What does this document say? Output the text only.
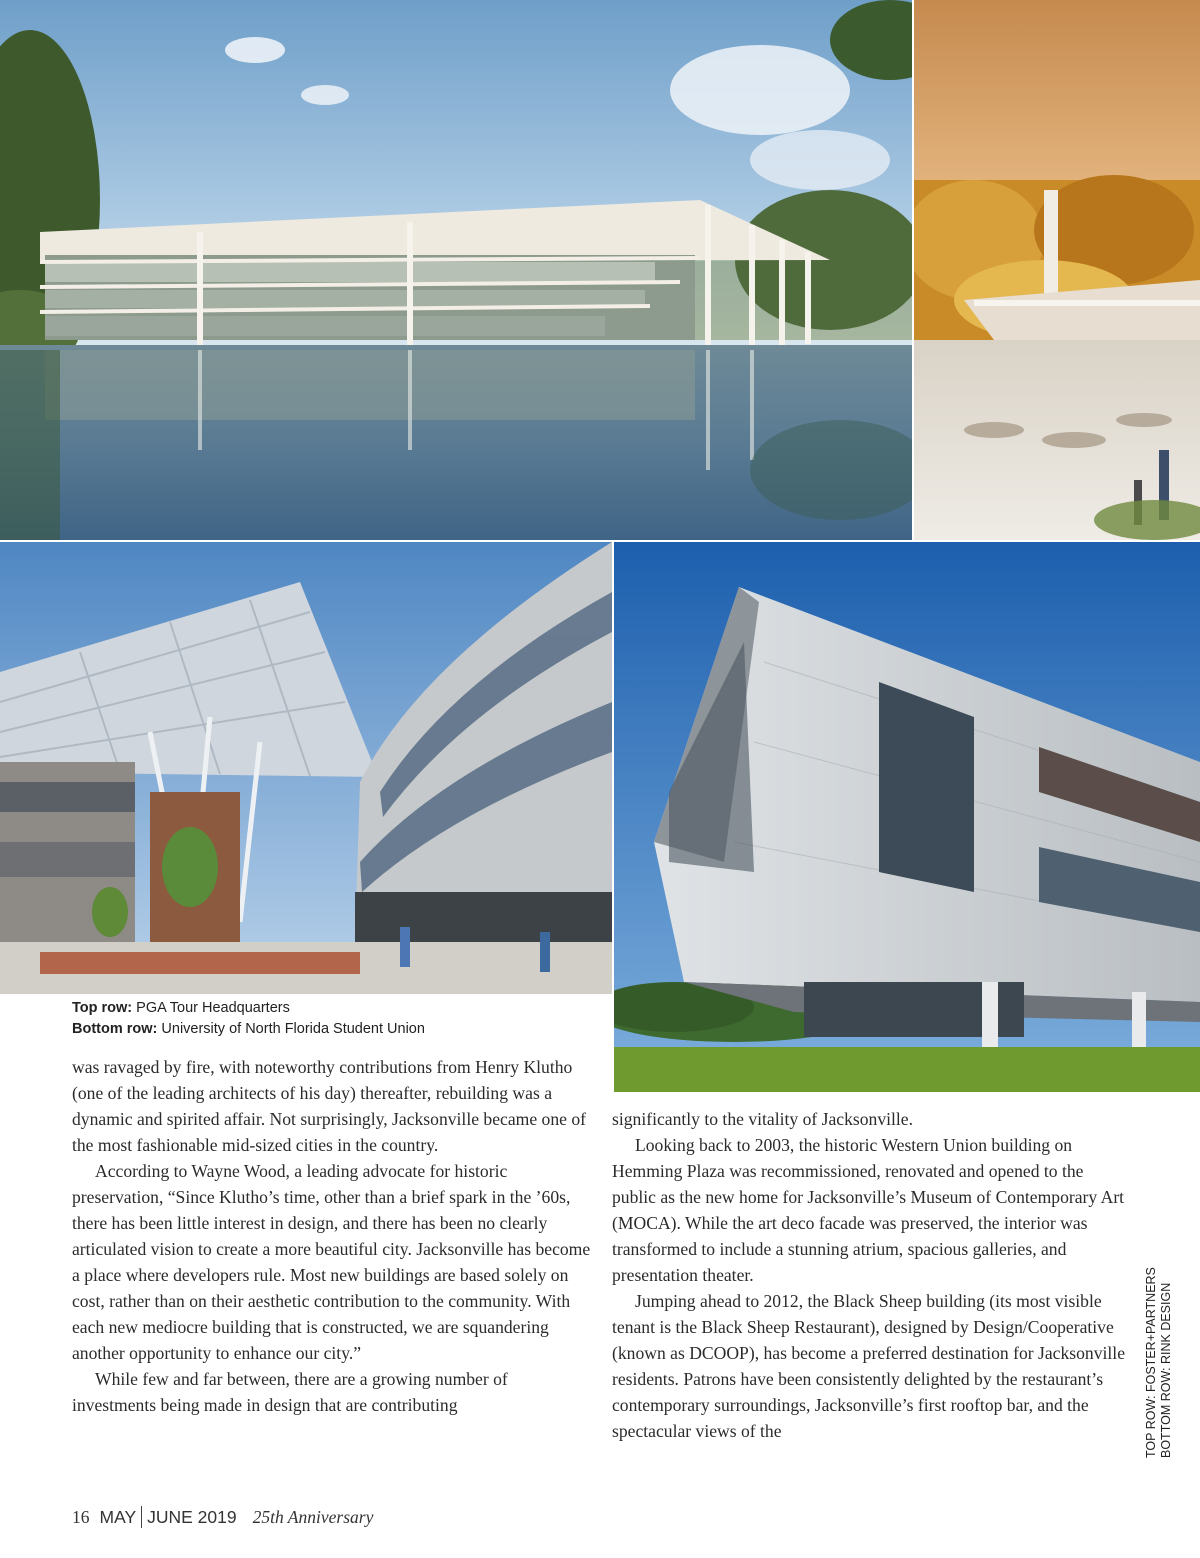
Top row: PGA Tour Headquarters
Bottom row: University of North Florida Student Union

was ravaged by fire, with noteworthy contributions from Henry Klutho (one of the leading architects of his day) thereafter, rebuilding was a dynamic and spirited affair. Not surprisingly, Jacksonville became one of the most fashionable mid-sized cities in the country.

According to Wayne Wood, a leading advocate for historic preservation, “Since Klutho’s time, other than a brief spark in the ’60s, there has been little interest in design, and there has been no clearly articulated vision to create a more beautiful city. Jacksonville has become a place where developers rule. Most new buildings are based solely on cost, rather than on their aesthetic contribution to the community. With each new mediocre building that is constructed, we are squandering another opportunity to enhance our city.”

While few and far between, there are a growing number of investments being made in design that are contributing

significantly to the vitality of Jacksonville.

Looking back to 2003, the historic Western Union building on Hemming Plaza was recommissioned, renovated and opened to the public as the new home for Jacksonville’s Museum of Contemporary Art (MOCA). While the art deco facade was preserved, the interior was transformed to include a stunning atrium, spacious galleries, and presentation theater.

Jumping ahead to 2012, the Black Sheep building (its most visible tenant is the Black Sheep Restaurant), designed by Design/Cooperative (known as DCOOP), has become a preferred destination for Jacksonville residents. Patrons have been consistently delighted by the restaurant’s contemporary surroundings, Jacksonville’s first rooftop bar, and the spectacular views of the	TOP ROW: FOSTER+PARTNERS BOTTOM ROW: RINK DESIGN
16 MAY JUNE 2019 25th Anniversary
